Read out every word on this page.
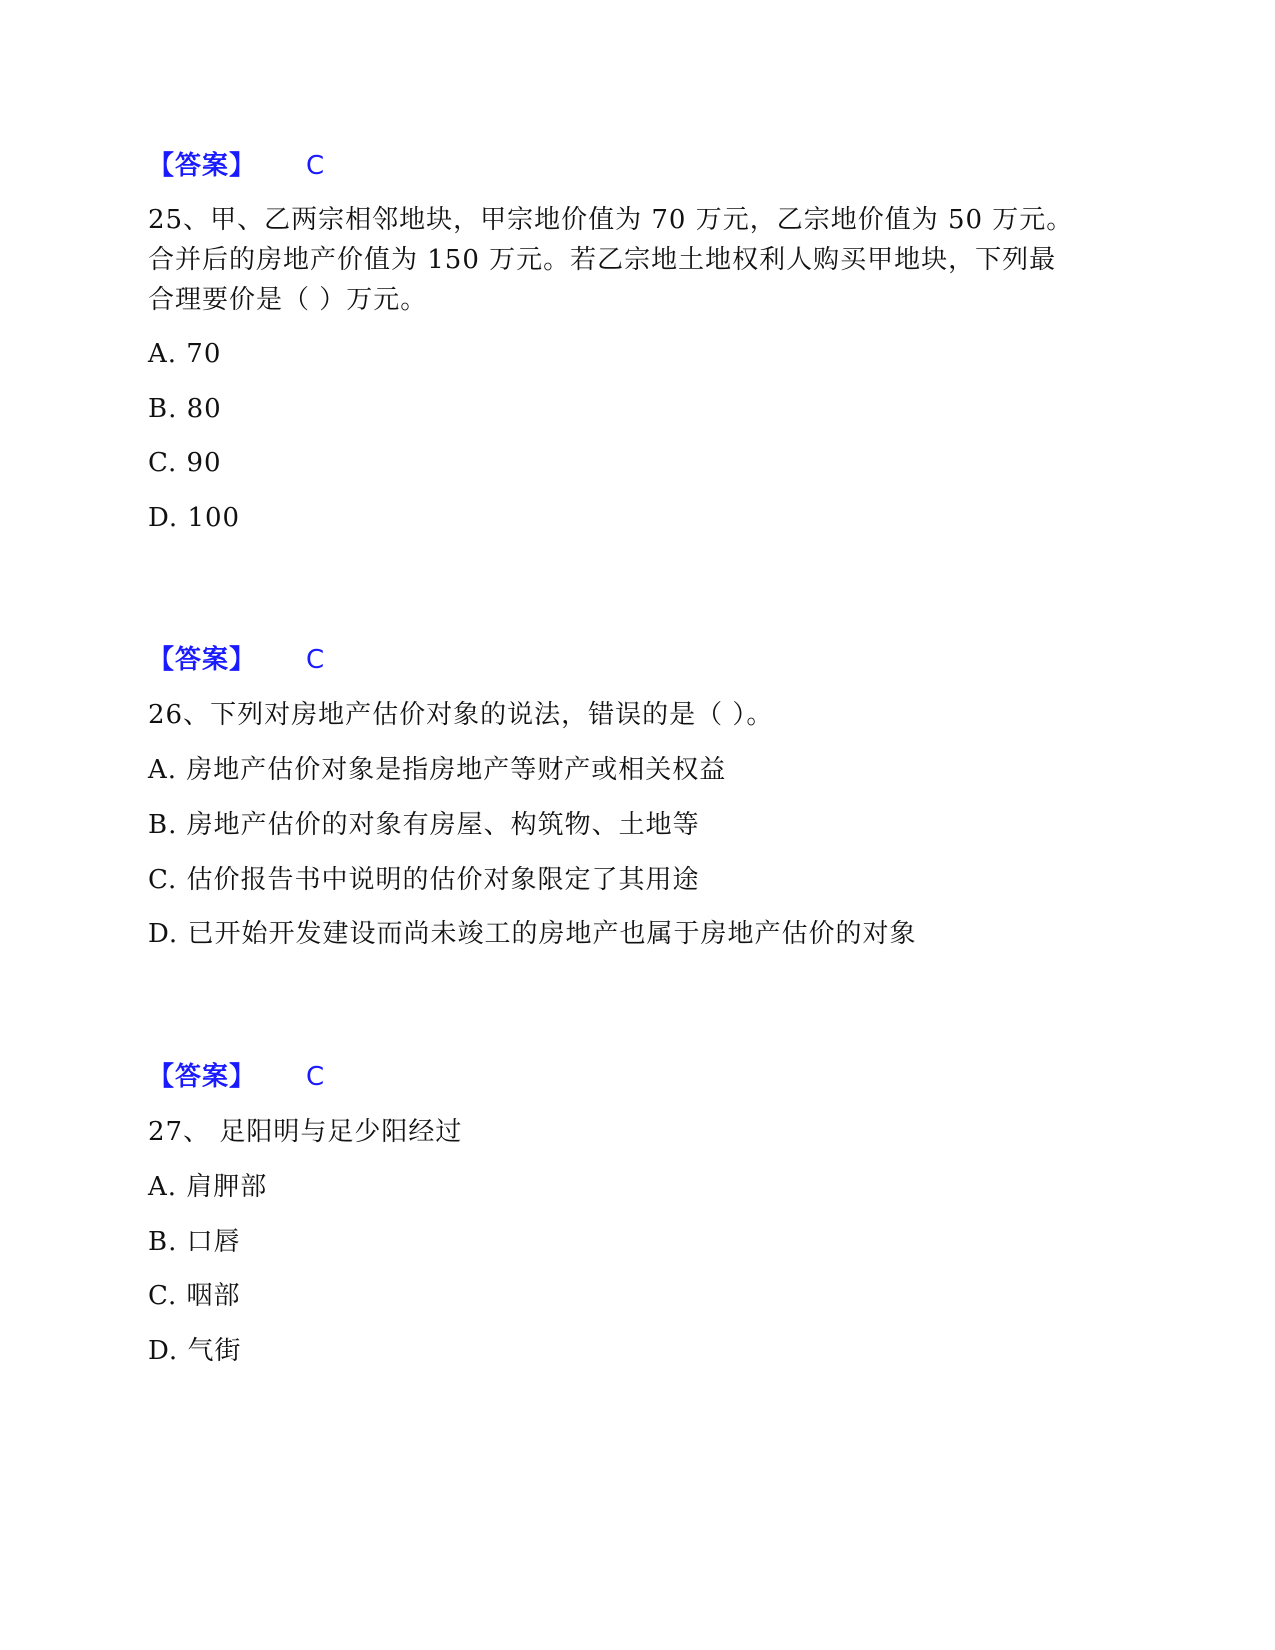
【答案】 C
25、甲、乙两宗相邻地块，甲宗地价值为 70 万元，乙宗地价值为 50 万元。
合并后的房地产价值为 150 万元。若乙宗地土地权利人购买甲地块，下列最
合理要价是（ ）万元。
A. 70
B. 80
C. 90
D. 100
【答案】 C
26、下列对房地产估价对象的说法，错误的是（ ）。
A. 房地产估价对象是指房地产等财产或相关权益
B. 房地产估价的对象有房屋、构筑物、土地等
C. 估价报告书中说明的估价对象限定了其用途
D. 已开始开发建设而尚未竣工的房地产也属于房地产估价的对象
【答案】 C
27、 足阳明与足少阳经过
A. 肩胛部
B. 口唇
C. 咽部
D. 气街
